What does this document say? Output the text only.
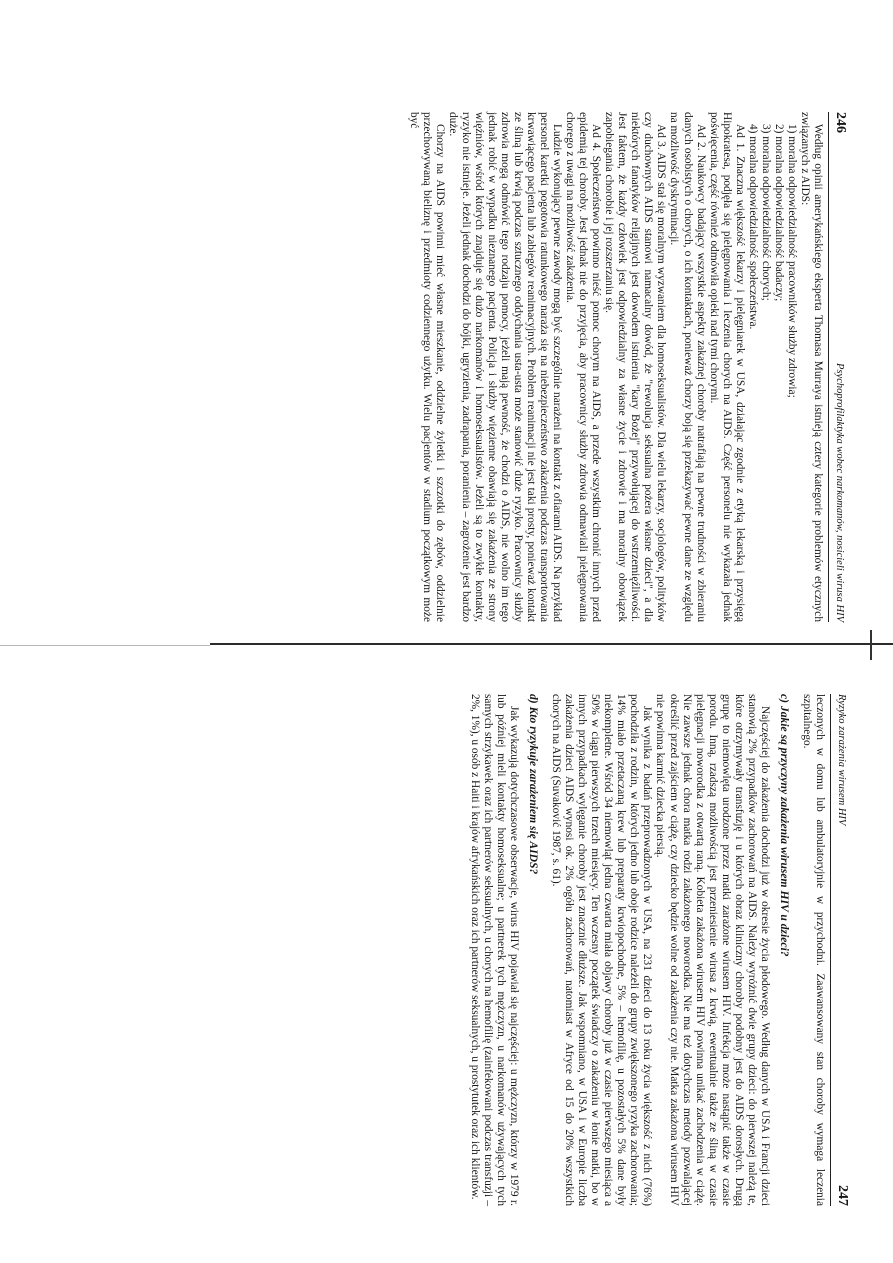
246
Psychoprofilaktyka wobec narkomanów, nosicieli wirusa HIV

Według opinii amerykańskiego eksperta Thomasa Murraya istnieją cztery kategorie problemów etycznych związanych z AIDS:

1) moralna odpowiedzialność pracowników służby zdrowia;

2) moralna odpowiedzialność badaczy;

3) moralna odpowiedzialność chorych;

4) moralna odpowiedzialność społeczeństwa.

Ad 1. Znaczna większość lekarzy i pielęgniarek w USA, działając zgodnie z etyką lekarską i przysięgą Hipokratesa, podjęła się pielęgnowania i leczenia chorych na AIDS. Część personelu nie wykazała jednak poświęcenia, część również odmówiła opieki nad tymi chorymi.

Ad 2. Naukowcy badający wszystkie aspekty zakaźnej choroby natrafiają na pewne trudności w zbieraniu danych osobistych o chorych, o ich kontaktach, ponieważ chorzy boją się przekazywać pewne dane ze względu na możliwość dyskryminacji.

Ad 3. AIDS stał się moralnym wyzwaniem dla homoseksualistów. Dla wielu lekarzy, socjologów, polityków czy duchownych AIDS stanowi namacalny dowód, że "rewolucja seksualna pożera własne dzieci", a dla niektórych fanatyków religijnych jest dowodem istnienia "kary Bożej" przywołującej do wstrzemięźliwości. Jest faktem, że każdy człowiek jest odpowiedzialny za własne życie i zdrowie i ma moralny obowiązek zapobiegania chorobie i jej rozszerzaniu się.

Ad 4. Społeczeństwo powinno nieść pomoc chorym na AIDS, a przede wszystkim chronić innych przed epidemią tej choroby. Jest jednak nie do przyjęcia, aby pracownicy służby zdrowia odmawiali pielęgnowania chorego z uwagi na możliwość zakażenia.

Ludzie wykonujący pewne zawody mogą być szczególnie narażeni na kontakt z ofiarami AIDS. Na przykład personel karetki pogotowia ratunkowego naraża się na niebezpieczeństwo zakażenia podczas transportowania krwawiącego pacjenta lub zabiegów reanimacyjnych. Problem reanimacji nie jest taki prosty, ponieważ kontakt ze śliną lub krwią podczas sztucznego oddychania usta-usta może stanowić duże ryzyko. Pracownicy służby zdrowia mogą odmówić tego rodzaju pomocy, jeżeli mają pewność, że chodzi o AIDS, nie wolno im tego jednak robić w wypadku nieznanego pacjenta. Policja i służby więzienne obawiają się zakażenia ze strony więźniów, wśród których znajduje się dużo narkomanów i homoseksualistów. Jeżeli są to zwykłe kontakty, ryzyko nie istnieje. Jeżeli jednak dochodzi do bójki, ugryzienia, zadrapania, poranienia – zagrożenie jest bardzo duże.

Chorzy na AIDS powinni mieć własne mieszkanie, oddzielne żyletki i szczotki do zębów, oddzielnie przechowywaną bieliznę i przedmioty codziennego użytku. Wielu pacjentów w stadium początkowym może być

Ryzyko zarażenia wirusem HIV
247

leczonych w domu lub ambulatoryjnie w przychodni. Zaawansowany stan choroby wymaga leczenia szpitalnego.

c) Jakie są przyczyny zakażenia wirusem HIV u dzieci?

Najczęściej do zakażenia dochodzi już w okresie życia płodowego. Według danych w USA i Francji dzieci stanowią 2% przypadków zachorowań na AIDS. Należy wyróżnić dwie grupy dzieci: do pierwszej należą te, które otrzymywały transfuzję i u których obraz kliniczny choroby podobny jest do AIDS dorosłych. Drugą grupę to niemowlęta urodzone przez matki zarażone wirusem HIV. Infekcja może nastąpić także w czasie porodu. Inną, rzadszą możliwością jest przeniesienie wirusa z krwią, ewentualnie także ze śliną w czasie pielęgnacji noworodka z otwartą raną. Kobieta zakażona wirusem HIV powinna unikać zachodzenia w ciążę. Nie zawsze jednak chora matka rodzi zakażonego noworodka. Nie ma też dotychczas metody pozwalającej określić przed zajściem w ciążę, czy dziecko będzie wolne od zakażenia czy nie. Matka zakażona wirusem HIV nie powinna karmić dziecka piersią.

Jak wynika z badań przeprowadzonych w USA, na 231 dzieci do 13 roku życia większość z nich (76%) pochodziła z rodzin, w których jedno lub oboje rodzice należeli do grupy zwiększonego ryzyka zachorowania; 14% miało przetaczaną krew lub preparaty krwiopochodne, 5% – hemofilię, u pozostałych 5% dane były niekompletne. Wśród 34 niemowląt jedna czwarta miała objawy choroby już w czasie pierwszego miesiąca a 50% w ciągu pierwszych trzech miesięcy. Ten wczesny początek świadczy o zakażeniu w łonie matki, bo w innych przypadkach wylęganie choroby jest znacznie dłuższe. Jak wspomniano, w USA i w Europie liczba zakażenia dzieci AIDS wynosi ok. 2% ogółu zachorowań, natomiast w Afryce od 15 do 20% wszystkich chorych na AIDS (Suvaković 1987, s. 61).

d) Kto ryzykuje zarażeniem się AIDS?

Jak wykazują dotychczasowe obserwacje, wirus HIV pojawiał się najczęściej: u mężczyzn, którzy w 1979 r. lub później mieli kontakty homoseksualne; u partnerek tych mężczyzn, u narkomanów używających tych samych strzykawek oraz ich partnerów seksualnych, u chorych na hemofilię (zainfekowani podczas transfuzji – 2%, 1%), u osób z Haiti i krajów afrykańskich oraz ich partnerów seksualnych, u prostytutek oraz ich klientów.
